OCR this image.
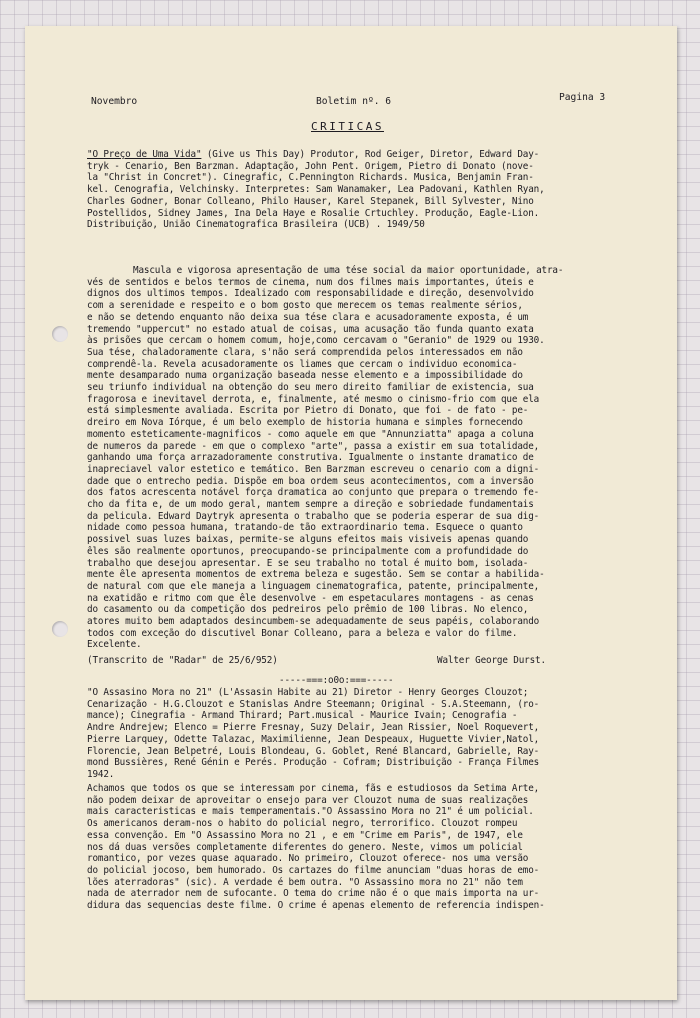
Novembro	Boletim nº. 6	Pagina 3
CRITICAS
"O Preço de Uma Vida" (Give us This Day) Produtor, Rod Geiger, Diretor, Edward Day-
tryk - Cenario, Ben Barzman. Adaptação, John Pent. Origem, Pietro di Donato (nove-
la "Christ in Concret"). Cinegrafic, C.Pennington Richards. Musica, Benjamin Fran-
kel. Cenografia, Velchinsky. Interpretes: Sam Wanamaker, Lea Padovani, Kathlen Ryan,
Charles Godner, Bonar Colleano, Philo Hauser, Karel Stepanek, Bill Sylvester, Nino
Postellidos, Sidney James, Ina Dela Haye e Rosalie Crtuchley. Produção, Eagle-Lion.
Distribuição, União Cinematografica Brasileira (UCB) . 1949/50
Mascula e vigorosa apresentação de uma tése social da maior oportunidade, atra-
vés de sentidos e belos termos de cinema, num dos filmes mais importantes, úteis e
dignos dos ultimos tempos. Idealizado com responsabilidade e direção, desenvolvido
com a serenidade e respeito e o bom gosto que merecem os temas realmente sérios,
e não se detendo enquanto não deixa sua tése clara e acusadoramente exposta, é um
tremendo "uppercut" no estado atual de coisas, uma acusação tão funda quanto exata
às prisões que cercam o homem comum, hoje,como cercavam o "Geranio" de 1929 ou 1930.
Sua tése, chaladoramente clara, s'não será comprendida pelos interessados em não
comprendê-la. Revela acusadoramente os liames que cercam o individuo economica-
mente desamparado numa organização baseada nesse elemento e a impossibilidade do
seu triunfo individual na obtenção do seu mero direito familiar de existencia, sua
fragorosa e inevitavel derrota, e, finalmente, até mesmo o cinismo-frio com que ela
está simplesmente avaliada. Escrita por Pietro di Donato, que foi - de fato - pe-
dreiro em Nova Iórque, é um belo exemplo de historia humana e simples fornecendo
momento esteticamente-magnificos - como aquele em que "Annunziatta" apaga a coluna
de numeros da parede - em que o complexo "arte", passa a existir em sua totalidade,
ganhando uma força arrazadoramente construtiva. Igualmente o instante dramatico de
inapreciavel valor estetico e temático. Ben Barzman escreveu o cenario com a digni-
dade que o entrecho pedia. Dispõe em boa ordem seus acontecimentos, com a inversão
dos fatos acrescenta notável força dramatica ao conjunto que prepara o tremendo fe-
cho da fita e, de um modo geral, mantem sempre a direção e sobriedade fundamentais
da pelicula. Edward Daytryk apresenta o trabalho que se poderia esperar de sua dig-
nidade como pessoa humana, tratando-de tão extraordinario tema. Esquece o quanto
possivel suas luzes baixas, permite-se alguns efeitos mais visiveis apenas quando
êles são realmente oportunos, preocupando-se principalmente com a profundidade do
trabalho que desejou apresentar. E se seu trabalho no total é muito bom, isolada-
mente êle apresenta momentos de extrema beleza e sugestão. Sem se contar a habilida-
de natural com que ele maneja a linguagem cinematografica, patente, principalmente,
na exatidão e ritmo com que êle desenvolve - em espetaculares montagens - as cenas
do casamento ou da competição dos pedreiros pelo prêmio de 100 libras. No elenco,
atores muito bem adaptados desincumbem-se adequadamente de seus papéis, colaborando
todos com exceção do discutivel Bonar Colleano, para a beleza e valor do filme.
Excelente.
(Transcrito de "Radar" de 25/6/952)	Walter George Durst.
-----===:o0o:===-----
"O Assasino Mora no 21" (L'Assasin Habite au 21) Diretor - Henry Georges Clouzot;
Cenarização - H.G.Clouzot e Stanislas Andre Steemann; Original - S.A.Steemann, (ro-
mance); Cinegrafia - Armand Thirard; Part.musical - Maurice Ivain; Cenografia -
Andre Andrejew; Elenco = Pierre Fresnay, Suzy Delair, Jean Rissier, Noel Roquevert,
Pierre Larquey, Odette Talazac, Maximilienne, Jean Despeaux, Huguette Vivier,Natol,
Florencie, Jean Belpetré, Louis Blondeau, G. Goblet, René Blancard, Gabrielle, Ray-
mond Bussières, René Génin e Perés. Produção - Cofram; Distribuição - França Filmes
1942.
Achamos que todos os que se interessam por cinema, fãs e estudiosos da Setima Arte,
não podem deixar de aproveitar o ensejo para ver Clouzot numa de suas realizações
mais caracteristicas e mais temperamentais."O Assassino Mora no 21" é um policial.
Os americanos deram-nos o habito do policial negro, terrorifico. Clouzot rompeu
essa convenção. Em "O Assassino Mora no 21 , e em "Crime em Paris", de 1947, ele
nos dá duas versões completamente diferentes do genero. Neste, vimos um policial
romantico, por vezes quase aquarado. No primeiro, Clouzot oferece- nos uma versão
do policial jocoso, bem humorado. Os cartazes do filme anunciam "duas horas de emo-
lões aterradoras" (sic). A verdade é bem outra. "O Assassino mora no 21" não tem
nada de aterrador nem de sufocante. O tema do crime não é o que mais importa na ur-
didura das sequencias deste filme. O crime é apenas elemento de referencia indispen-
